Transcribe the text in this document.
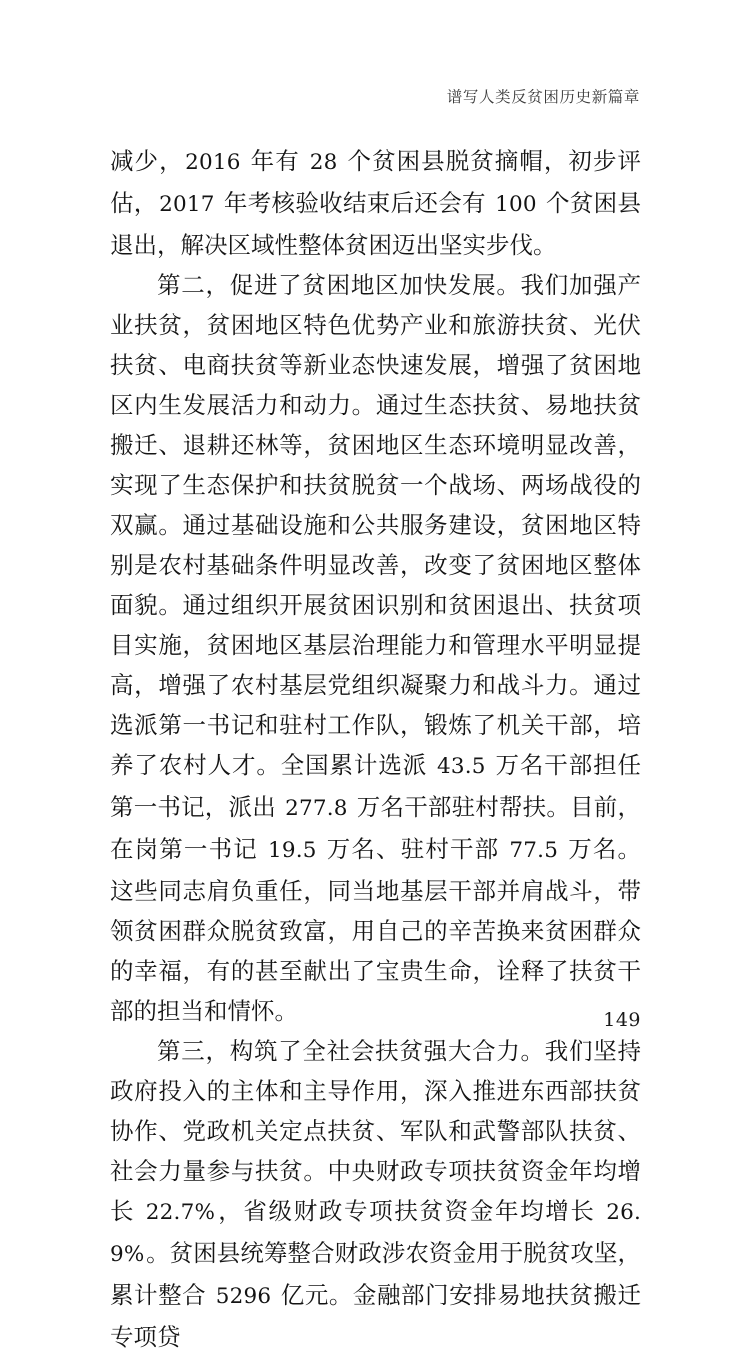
谱写人类反贫困历史新篇章

减少，2016 年有 28 个贫困县脱贫摘帽，初步评估，2017 年考核验收结束后还会有 100 个贫困县退出，解决区域性整体贫困迈出坚实步伐。

第二，促进了贫困地区加快发展。我们加强产业扶贫，贫困地区特色优势产业和旅游扶贫、光伏扶贫、电商扶贫等新业态快速发展，增强了贫困地区内生发展活力和动力。通过生态扶贫、易地扶贫搬迁、退耕还林等，贫困地区生态环境明显改善，实现了生态保护和扶贫脱贫一个战场、两场战役的双赢。通过基础设施和公共服务建设，贫困地区特别是农村基础条件明显改善，改变了贫困地区整体面貌。通过组织开展贫困识别和贫困退出、扶贫项目实施，贫困地区基层治理能力和管理水平明显提高，增强了农村基层党组织凝聚力和战斗力。通过选派第一书记和驻村工作队，锻炼了机关干部，培养了农村人才。全国累计选派 43.5 万名干部担任第一书记，派出 277.8 万名干部驻村帮扶。目前，在岗第一书记 19.5 万名、驻村干部 77.5 万名。这些同志肩负重任，同当地基层干部并肩战斗，带领贫困群众脱贫致富，用自己的辛苦换来贫困群众的幸福，有的甚至献出了宝贵生命，诠释了扶贫干部的担当和情怀。

第三，构筑了全社会扶贫强大合力。我们坚持政府投入的主体和主导作用，深入推进东西部扶贫协作、党政机关定点扶贫、军队和武警部队扶贫、社会力量参与扶贫。中央财政专项扶贫资金年均增长 22.7%，省级财政专项扶贫资金年均增长 26.9%。贫困县统筹整合财政涉农资金用于脱贫攻坚，累计整合 5296 亿元。金融部门安排易地扶贫搬迁专项贷

149
